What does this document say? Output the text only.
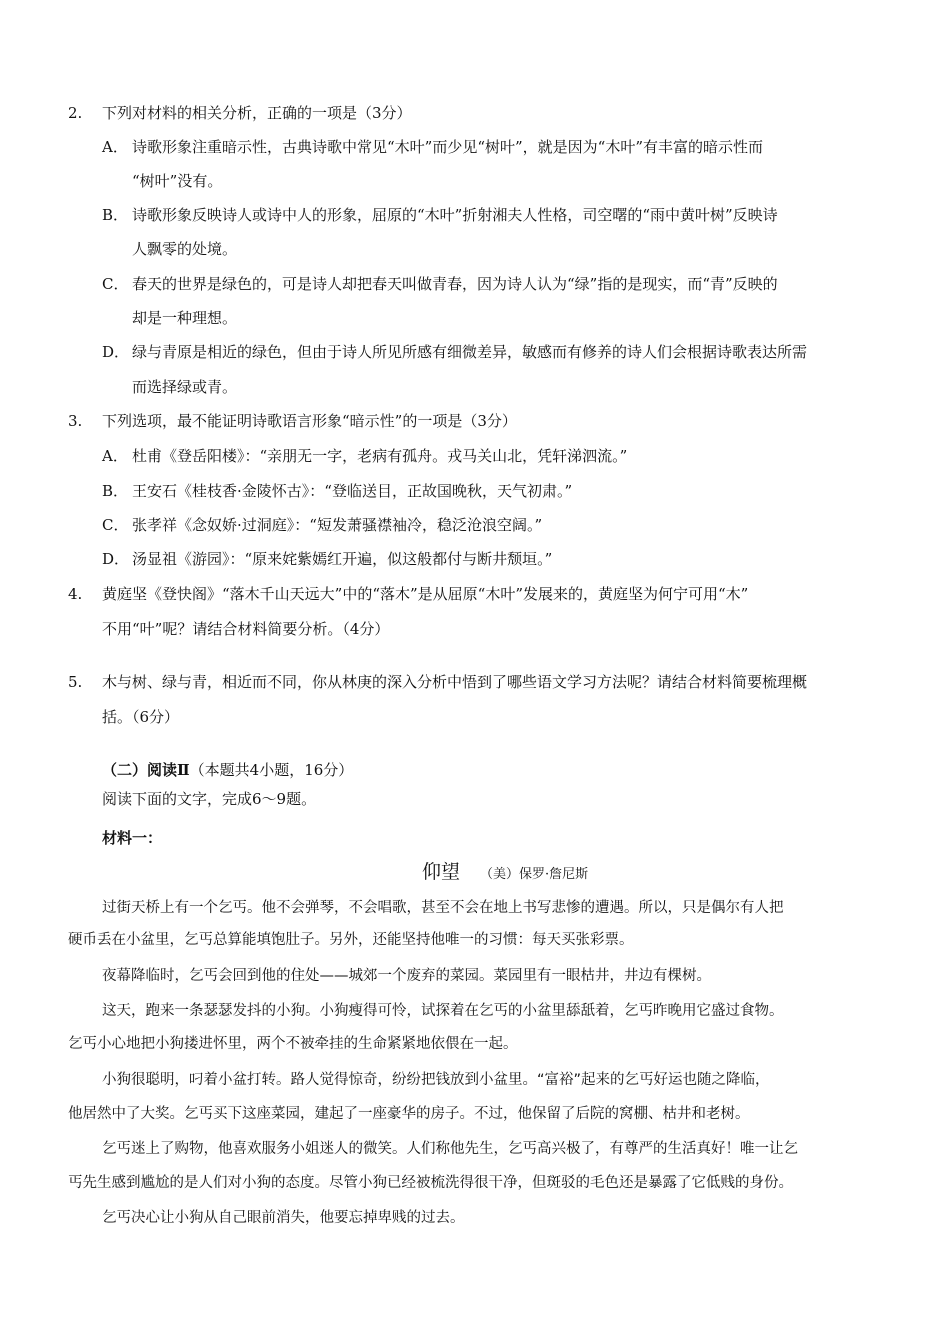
2. 下列对材料的相关分析，正确的一项是（3分）
A． 诗歌形象注重暗示性，古典诗歌中常见“木叶”而少见“树叶”，就是因为“木叶”有丰富的暗示性而
“树叶”没有。
B． 诗歌形象反映诗人或诗中人的形象，屈原的“木叶”折射湘夫人性格，司空曙的“雨中黄叶树”反映诗
人飘零的处境。
C． 春天的世界是绿色的，可是诗人却把春天叫做青春，因为诗人认为“绿”指的是现实，而“青”反映的
却是一种理想。
D． 绿与青原是相近的绿色，但由于诗人所见所感有细微差异，敏感而有修养的诗人们会根据诗歌表达所需
而选择绿或青。
3. 下列选项，最不能证明诗歌语言形象“暗示性”的一项是（3分）
A． 杜甫《登岳阳楼》：“亲朋无一字，老病有孤舟。戎马关山北，凭轩涕泗流。”
B． 王安石《桂枝香·金陵怀古》：“登临送目，正故国晚秋，天气初肃。”
C． 张孝祥《念奴娇·过洞庭》：“短发萧骚襟袖冷，稳泛沧浪空阔。”
D． 汤显祖《游园》：“原来姹紫嫣红开遍，似这般都付与断井颓垣。”
4. 黄庭坚《登快阁》“落木千山天远大”中的“落木”是从屈原“木叶”发展来的，黄庭坚为何宁可用“木”
不用“叶”呢？请结合材料简要分析。（4分）
5. 木与树、绿与青，相近而不同，你从林庚的深入分析中悟到了哪些语文学习方法呢？请结合材料简要梳理概
括。（6分）
（二）阅读Ⅱ（本题共4小题，16分）
阅读下面的文字，完成6～9题。
材料一：
仰望 （美）保罗·詹尼斯
过街天桥上有一个乞丐。他不会弹琴，不会唱歌，甚至不会在地上书写悲惨的遭遇。所以，只是偶尔有人把
硬币丢在小盆里，乞丐总算能填饱肚子。另外，还能坚持他唯一的习惯：每天买张彩票。
夜幕降临时，乞丐会回到他的住处——城郊一个废弃的菜园。菜园里有一眼枯井，井边有棵树。
这天，跑来一条瑟瑟发抖的小狗。小狗瘦得可怜，试探着在乞丐的小盆里舔舐着，乞丐昨晚用它盛过食物。
乞丐小心地把小狗搂进怀里，两个不被牵挂的生命紧紧地依偎在一起。
小狗很聪明，叼着小盆打转。路人觉得惊奇，纷纷把钱放到小盆里。“富裕”起来的乞丐好运也随之降临，
他居然中了大奖。乞丐买下这座菜园，建起了一座豪华的房子。不过，他保留了后院的窝棚、枯井和老树。
乞丐迷上了购物，他喜欢服务小姐迷人的微笑。人们称他先生，乞丐高兴极了，有尊严的生活真好！唯一让乞
丐先生感到尴尬的是人们对小狗的态度。尽管小狗已经被梳洗得很干净，但斑驳的毛色还是暴露了它低贱的身份。
乞丐决心让小狗从自己眼前消失，他要忘掉卑贱的过去。
